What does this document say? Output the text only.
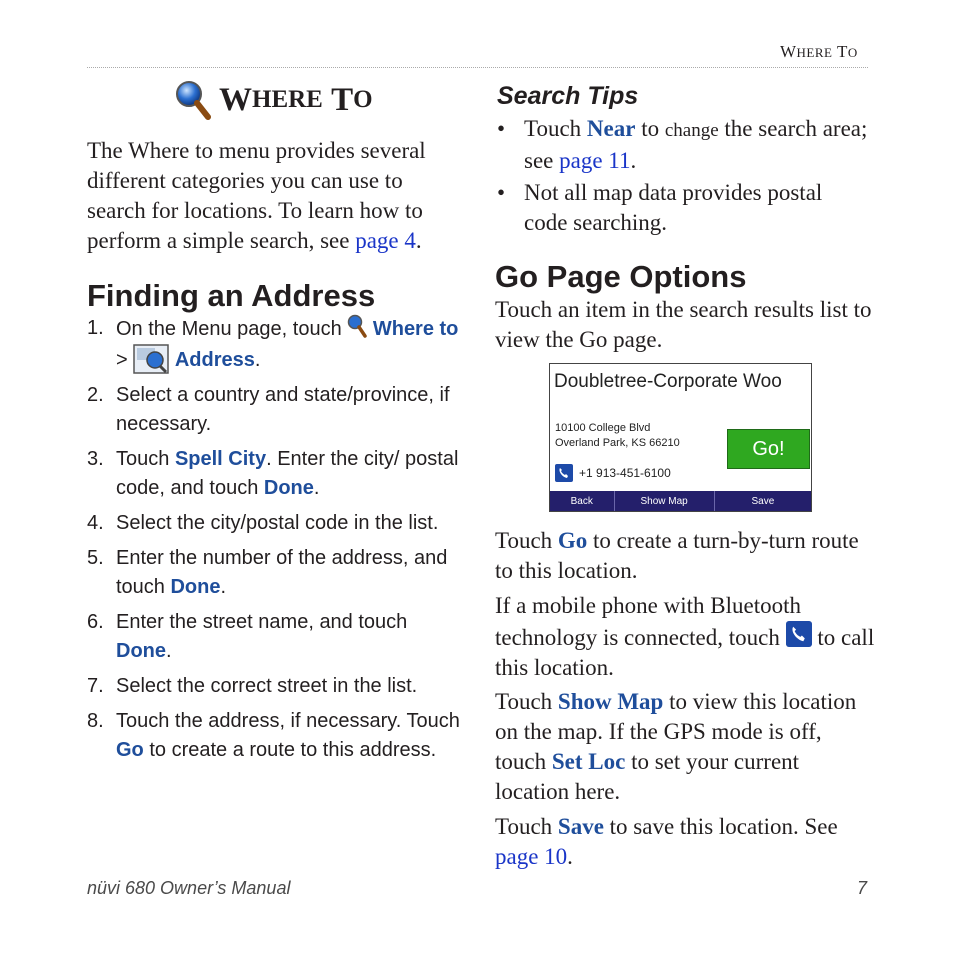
WHERE TO
W HERE
T O
The Where to menu provides several different categories you can use to search for locations. To learn how to perform a simple search, see page 4.
Finding an Address
1. On the Menu page, touch  Where to >  Address.
2. Select a country and state/province, if necessary.
3. Touch Spell City. Enter the city/ postal code, and touch Done.
4. Select the city/postal code in the list.
5. Enter the number of the address, and touch Done.
6. Enter the street name, and touch Done.
7. Select the correct street in the list.
8. Touch the address, if necessary. Touch Go to create a route to this address.
Search Tips
• Touch Near to change the search area; see page 11.
• Not all map data provides postal code searching.
Go Page Options
Touch an item in the search results list to view the Go page.
Doubletree-Corporate Woo
10100 College Blvd
Overland Park, KS 66210	Go!
+1 913-451-6100
Back	Show Map	Save
Touch Go to create a turn-by-turn route to this location.
If a mobile phone with Bluetooth technology is connected, touch  to call this location.
Touch Show Map to view this location on the map. If the GPS mode is off, touch Set Loc to set your current location here.
Touch Save to save this location. See page 10.
nüvi 680 Owner’s Manual	7
